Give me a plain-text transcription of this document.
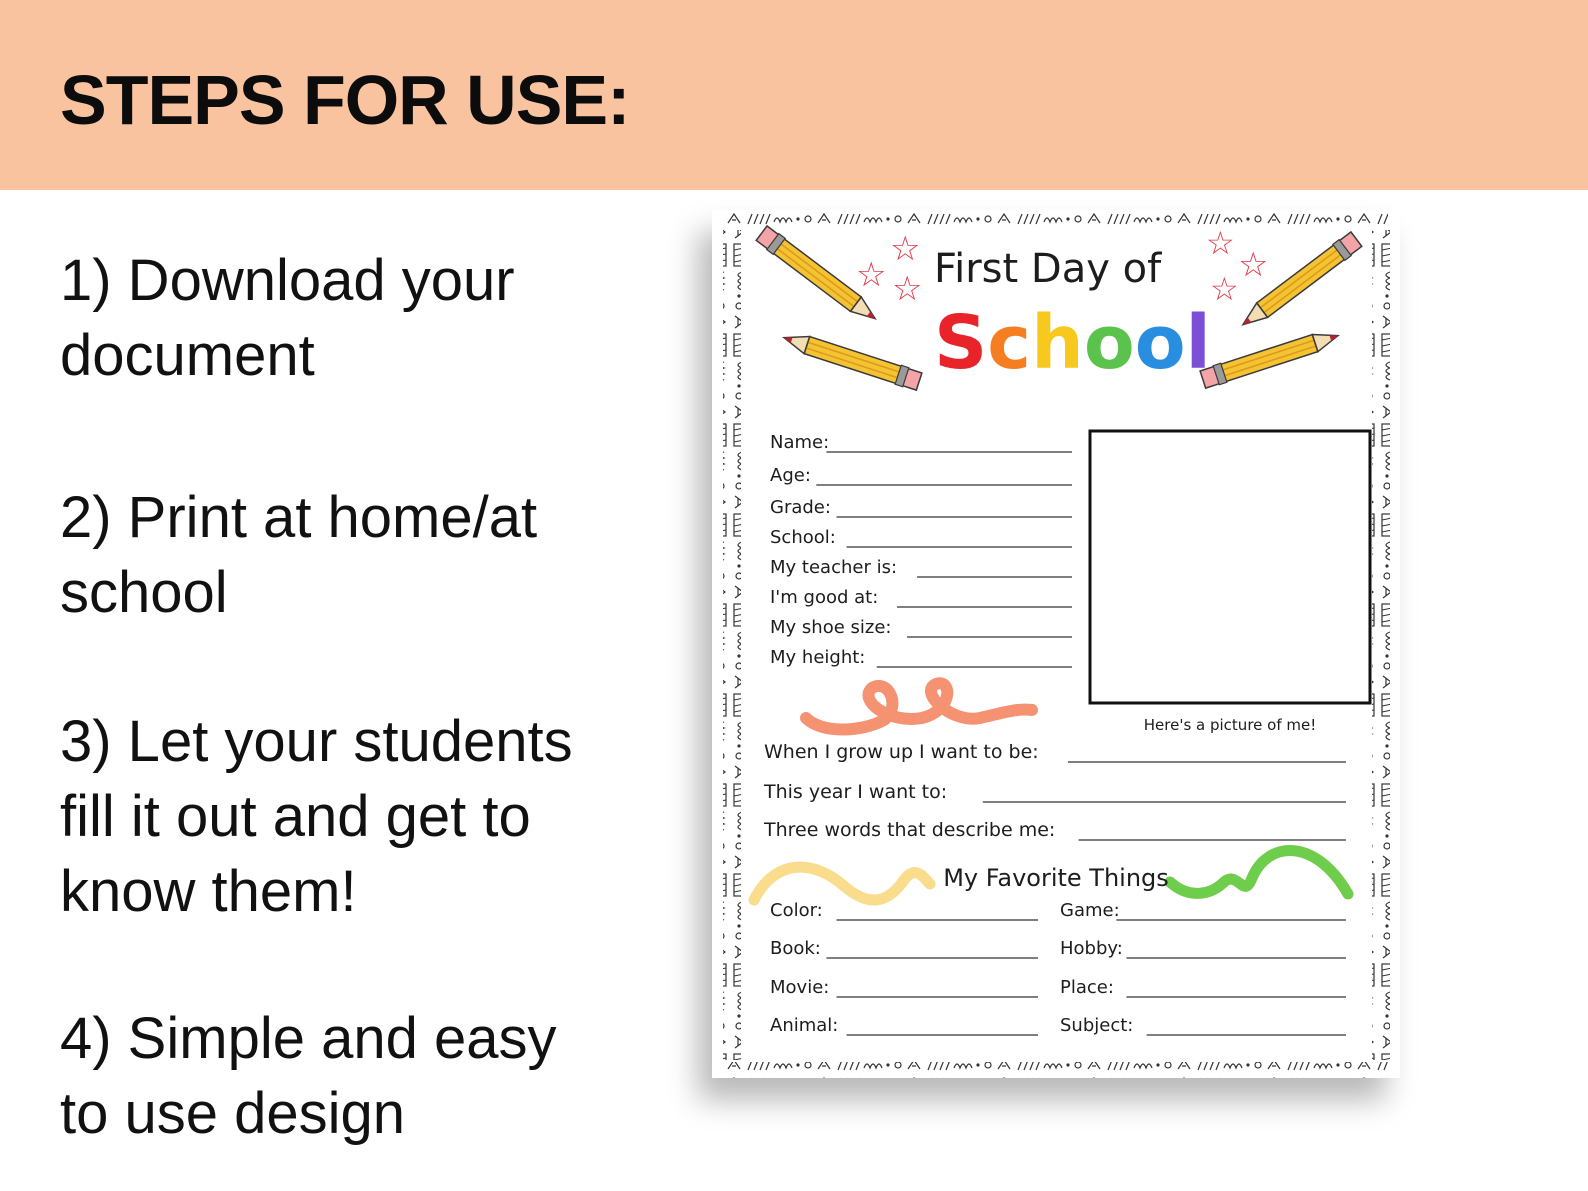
STEPS FOR USE:

1) Download your
document

2) Print at home/at
school

3) Let your students
fill it out and get to
know them!

4) Simple and easy
to use design

☆
☆
☆
☆
☆
☆
First Day of
School
Name:
Age:
Grade:
School:
My teacher is:
I'm good at:
My shoe size:
My height:
Here's a picture of me!
When I grow up I want to be:
This year I want to:
Three words that describe me:
My Favorite Things
Color:
Book:
Movie:
Animal:
Game:
Hobby:
Place:
Subject:
